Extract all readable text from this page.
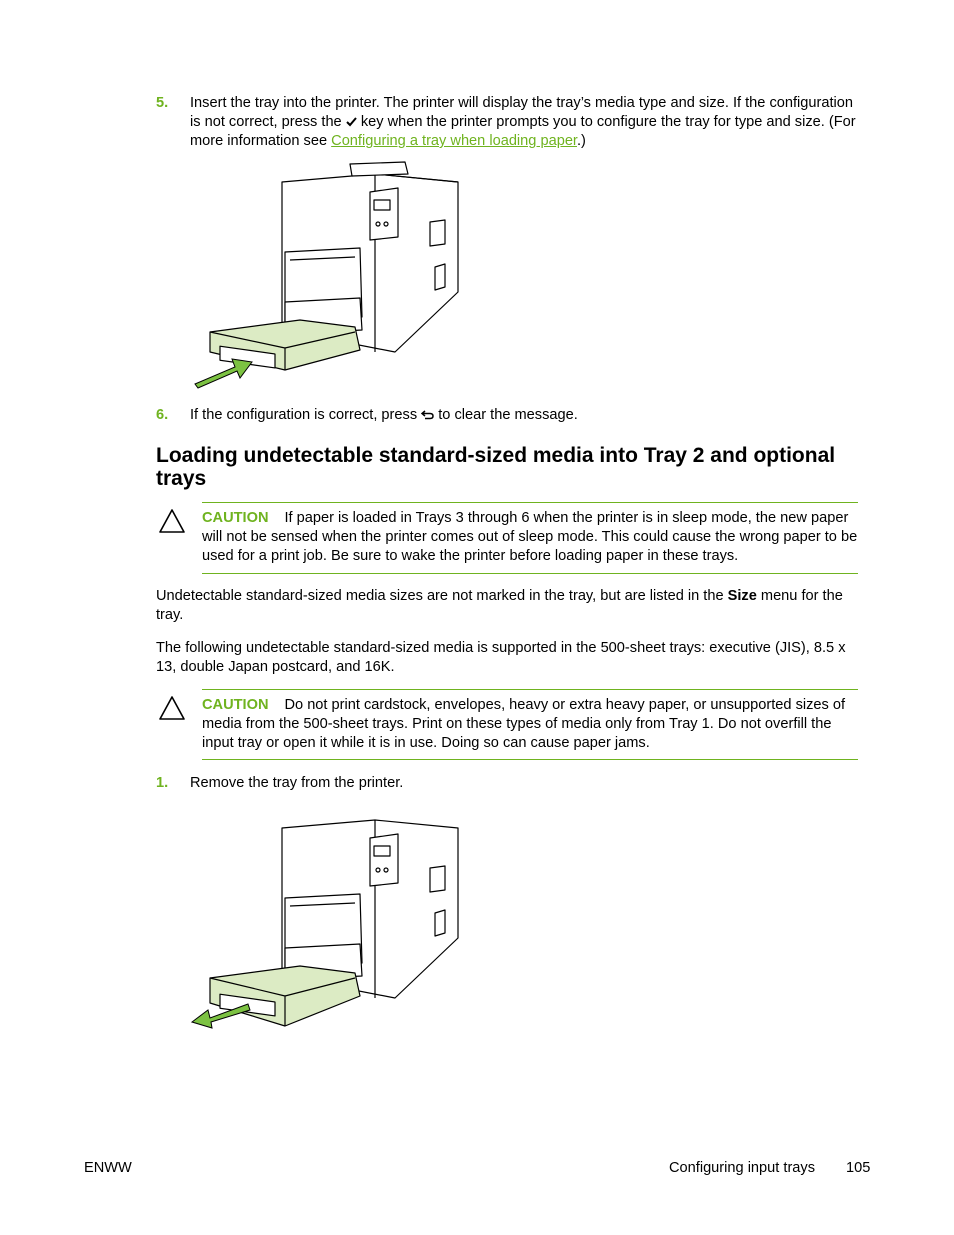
5. Insert the tray into the printer. The printer will display the tray’s media type and size. If the configuration is not correct, press the key when the printer prompts you to configure the tray for type and size. (For more information see Configuring a tray when loading paper.)
6. If the configuration is correct, press to clear the message.
Loading undetectable standard-sized media into Tray 2 and optional trays
CAUTION If paper is loaded in Trays 3 through 6 when the printer is in sleep mode, the new paper will not be sensed when the printer comes out of sleep mode. This could cause the wrong paper to be used for a print job. Be sure to wake the printer before loading paper in these trays.
Undetectable standard-sized media sizes are not marked in the tray, but are listed in the Size menu for the tray.
The following undetectable standard-sized media is supported in the 500-sheet trays: executive (JIS), 8.5 x 13, double Japan postcard, and 16K.
CAUTION Do not print cardstock, envelopes, heavy or extra heavy paper, or unsupported sizes of media from the 500-sheet trays. Print on these types of media only from Tray 1. Do not overfill the input tray or open it while it is in use. Doing so can cause paper jams.
1. Remove the tray from the printer.
ENWW	Configuring input trays 105
